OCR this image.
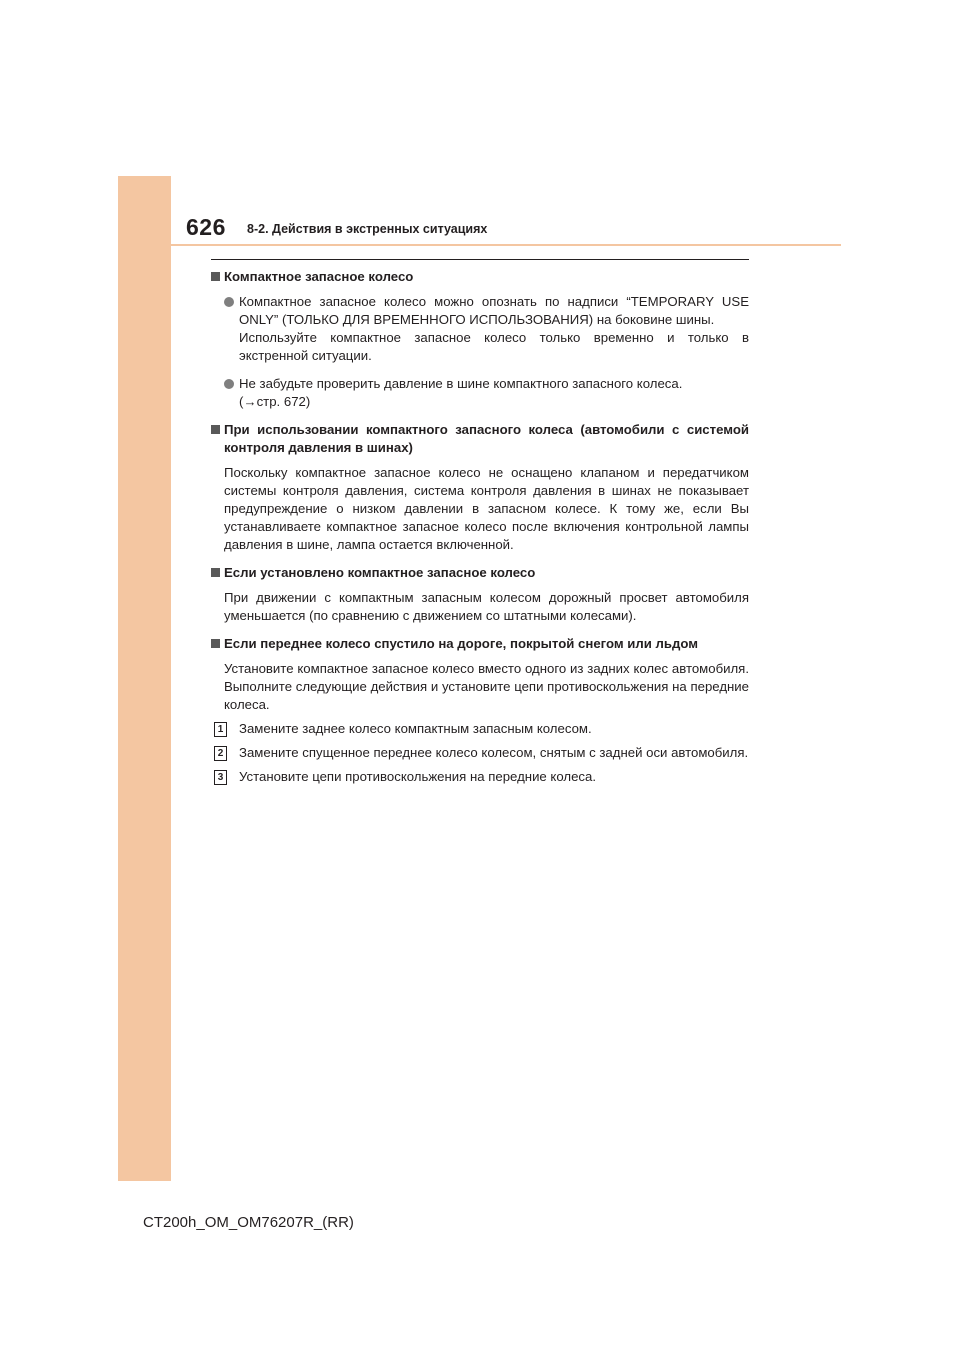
626 8-2. Действия в экстренных ситуациях
Компактное запасное колесо
Компактное запасное колесо можно опознать по надписи “TEMPORARY USE
ONLY” (ТОЛЬКО ДЛЯ ВРЕМЕННОГО ИСПОЛЬЗОВАНИЯ) на боковине шины.
Используйте компактное запасное колесо только временно и только в
экстренной ситуации.
Не забудьте проверить давление в шине компактного запасного колеса.
(→стр. 672)
При использовании компактного запасного колеса (автомобили с системой
контроля давления в шинах)
Поскольку компактное запасное колесо не оснащено клапаном и передатчиком системы контроля давления, система контроля давления в шинах не показывает предупреждение о низком давлении в запасном колесе. К тому же, если Вы устанавливаете компактное запасное колесо после включения контрольной лампы давления в шине, лампа остается включенной.
Если установлено компактное запасное колесо
При движении с компактным запасным колесом дорожный просвет автомобиля уменьшается (по сравнению с движением со штатными колесами).
Если переднее колесо спустило на дороге, покрытой снегом или льдом
Установите компактное запасное колесо вместо одного из задних колес автомобиля. Выполните следующие действия и установите цепи противоскольжения на передние колеса.
1 Замените заднее колесо компактным запасным колесом.
2 Замените спущенное переднее колесо колесом, снятым с задней оси автомобиля.
3 Установите цепи противоскольжения на передние колеса.
CT200h_OM_OM76207R_(RR)
